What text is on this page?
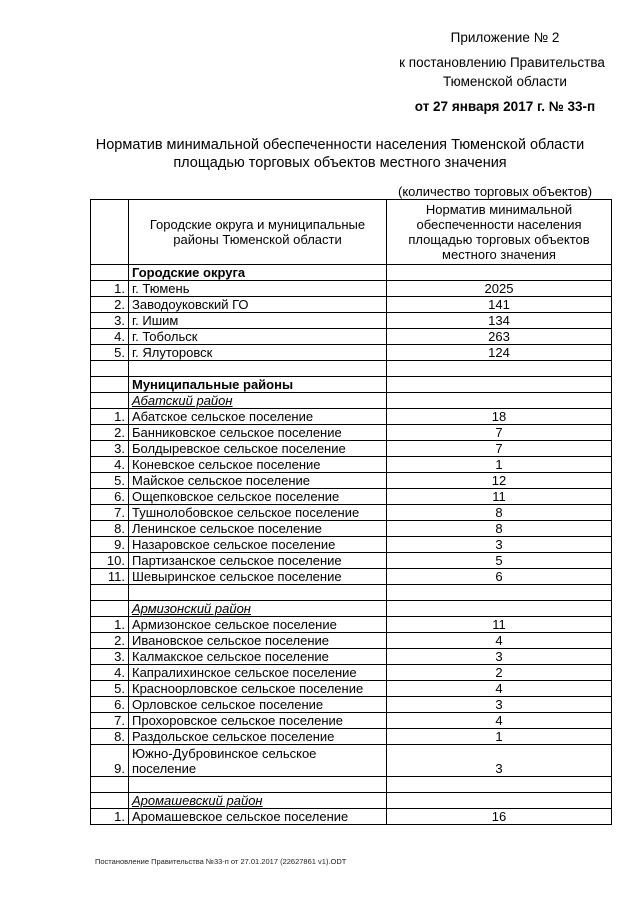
Приложение № 2
к постановлению Правительства
Тюменской области
от 27 января 2017 г. № 33-п
Норматив минимальной обеспеченности населения Тюменской области
площадью торговых объектов местного значения
(количество торговых объектов)
	Городские округа и муниципальные районы Тюменской области	Норматив минимальной обеспеченности населения площадью торговых объектов местного значения
	Городские округа	
1.	г. Тюмень	2025
2.	Заводоуковский ГО	141
3.	г. Ишим	134
4.	г. Тобольск	263
5.	г. Ялуторовск	124

	Муниципальные районы	
	Абатский район	
1.	Абатское сельское поселение	18
2.	Банниковское сельское поселение	7
3.	Болдыревское сельское поселение	7
4.	Коневское сельское поселение	1
5.	Майское сельское поселение	12
6.	Ощепковское сельское поселение	11
7.	Тушнолобовское сельское поселение	8
8.	Ленинское сельское поселение	8
9.	Назаровское сельское поселение	3
10.	Партизанское сельское поселение	5
11.	Шевыринское сельское поселение	6

	Армизонский район	
1.	Армизонское сельское поселение	11
2.	Ивановское сельское поселение	4
3.	Калмакское сельское поселение	3
4.	Капралихинское сельское поселение	2
5.	Красноорловское сельское поселение	4
6.	Орловское сельское поселение	3
7.	Прохоровское сельское поселение	4
8.	Раздольское сельское поселение	1
9.	Южно-Дубровинское сельское поселение	3

	Аромашевский район	
1.	Аромашевское сельское поселение	16
Постановление Правительства №33-п от 27.01.2017 (22627861 v1).ODT
